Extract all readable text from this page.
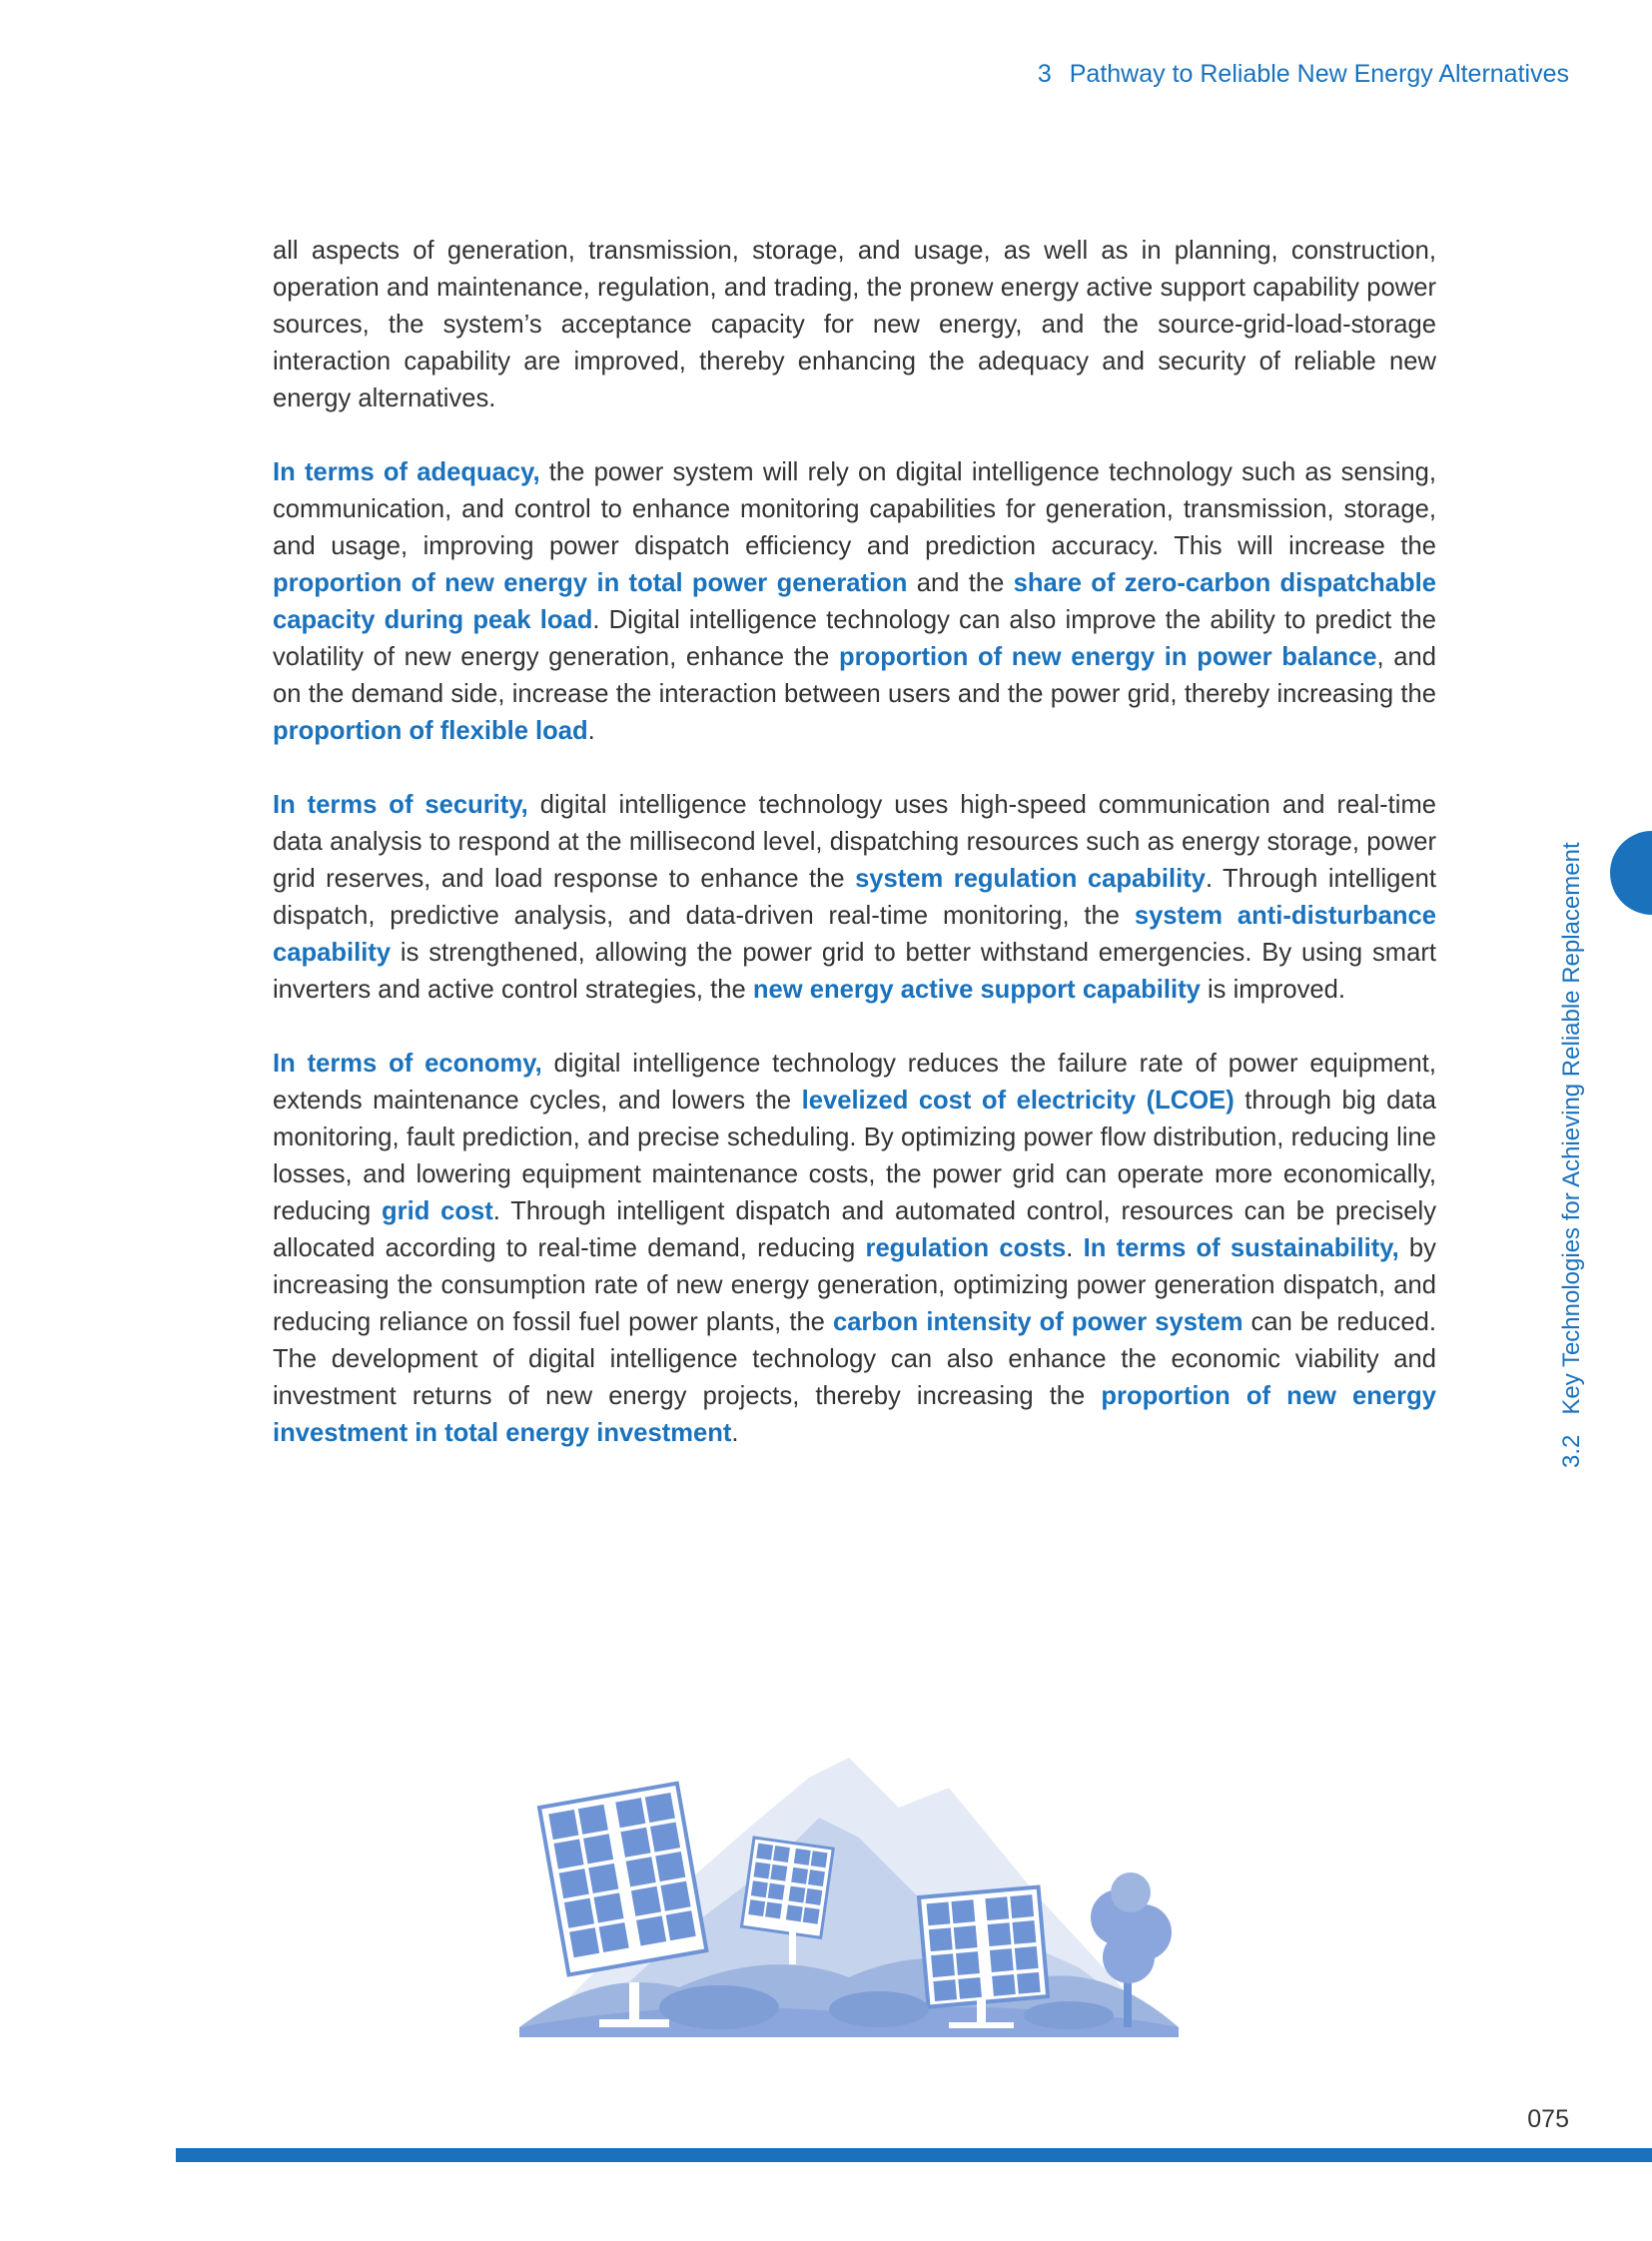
3 Pathway to Reliable New Energy Alternatives

all aspects of generation, transmission, storage, and usage, as well as in planning, construction, operation and maintenance, regulation, and trading, the pronew energy active support capability power sources, the system’s acceptance capacity for new energy, and the source-grid-load-storage interaction capability are improved, thereby enhancing the adequacy and security of reliable new energy alternatives.

In terms of adequacy, the power system will rely on digital intelligence technology such as sensing, communication, and control to enhance monitoring capabilities for generation, transmission, storage, and usage, improving power dispatch efficiency and prediction accuracy. This will increase the proportion of new energy in total power generation and the share of zero-carbon dispatchable capacity during peak load. Digital intelligence technology can also improve the ability to predict the volatility of new energy generation, enhance the proportion of new energy in power balance, and on the demand side, increase the interaction between users and the power grid, thereby increasing the proportion of flexible load.

In terms of security, digital intelligence technology uses high-speed communication and real-time data analysis to respond at the millisecond level, dispatching resources such as energy storage, power grid reserves, and load response to enhance the system regulation capability. Through intelligent dispatch, predictive analysis, and data-driven real-time monitoring, the system anti-disturbance capability is strengthened, allowing the power grid to better withstand emergencies. By using smart inverters and active control strategies, the new energy active support capability is improved.

In terms of economy, digital intelligence technology reduces the failure rate of power equipment, extends maintenance cycles, and lowers the levelized cost of electricity (LCOE) through big data monitoring, fault prediction, and precise scheduling. By optimizing power flow distribution, reducing line losses, and lowering equipment maintenance costs, the power grid can operate more economically, reducing grid cost. Through intelligent dispatch and automated control, resources can be precisely allocated according to real-time demand, reducing regulation costs. In terms of sustainability, by increasing the consumption rate of new energy generation, optimizing power generation dispatch, and reducing reliance on fossil fuel power plants, the carbon intensity of power system can be reduced. The development of digital intelligence technology can also enhance the economic viability and investment returns of new energy projects, thereby increasing the proportion of new energy investment in total energy investment.

3.2Key Technologies for Achieving Reliable Replacement
075
